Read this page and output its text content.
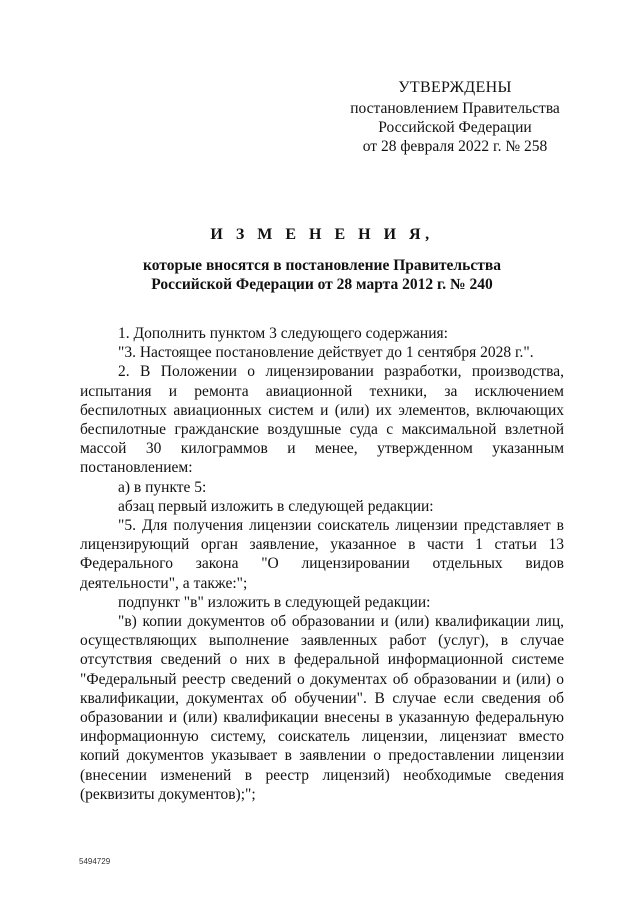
УТВЕРЖДЕНЫ
постановлением Правительства
Российской Федерации
от 28 февраля 2022 г. № 258
И З М Е Н Е Н И Я,
которые вносятся в постановление Правительства
Российской Федерации от 28 марта 2012 г. № 240

1. Дополнить пунктом 3 следующего содержания:

"3. Настоящее постановление действует до 1 сентября 2028 г.".

2. В Положении о лицензировании разработки, производства, испытания и ремонта авиационной техники, за исключением беспилотных авиационных систем и (или) их элементов, включающих беспилотные гражданские воздушные суда с максимальной взлетной массой 30 килограммов и менее, утвержденном указанным постановлением:

а) в пункте 5:

абзац первый изложить в следующей редакции:

"5. Для получения лицензии соискатель лицензии представляет в лицензирующий орган заявление, указанное в части 1 статьи 13 Федерального закона "О лицензировании отдельных видов деятельности", а также:";

подпункт "в" изложить в следующей редакции:

"в) копии документов об образовании и (или) квалификации лиц, осуществляющих выполнение заявленных работ (услуг), в случае отсутствия сведений о них в федеральной информационной системе "Федеральный реестр сведений о документах об образовании и (или) о квалификации, документах об обучении". В случае если сведения об образовании и (или) квалификации внесены в указанную федеральную информационную систему, соискатель лицензии, лицензиат вместо копий документов указывает в заявлении о предоставлении лицензии (внесении изменений в реестр лицензий) необходимые сведения (реквизиты документов);";

5494729
